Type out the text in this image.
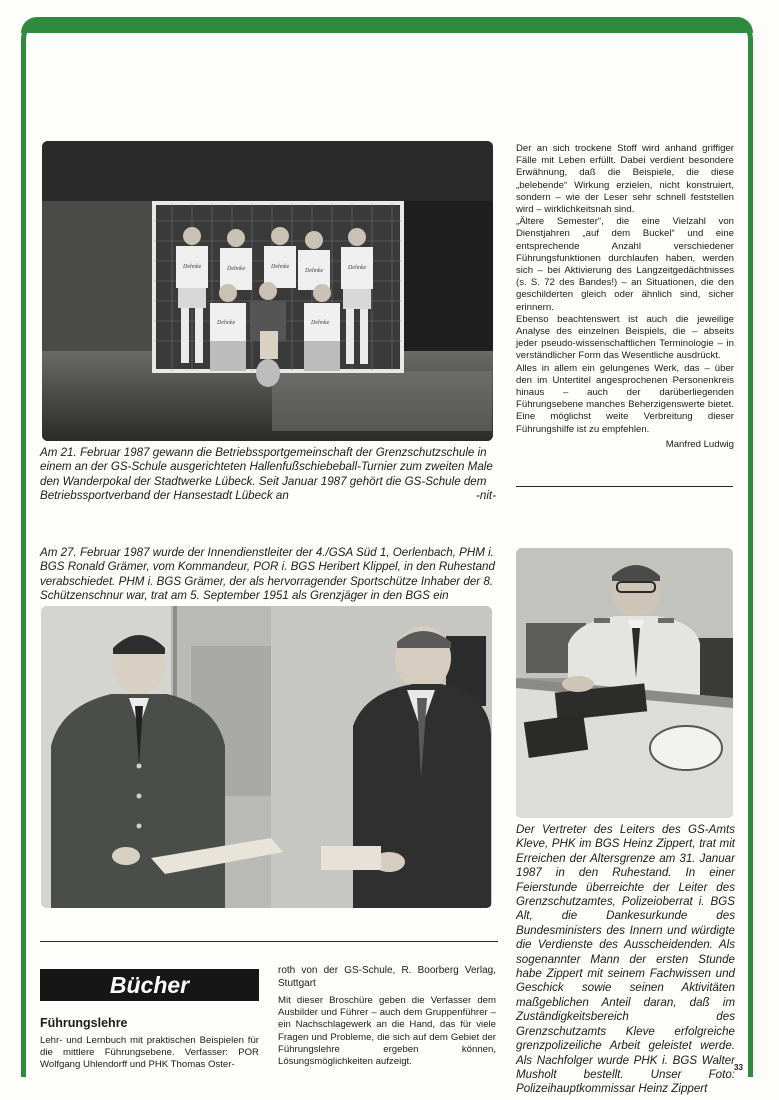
Dehnke	Dehnke	Dehnke
Dehnke	Dehnke
Dehnke	Dehnke
Am 21. Februar 1987 gewann die Betriebssportgemeinschaft der Grenzschutzschule in einem an der GS-Schule ausgerichteten Hallenfußschiebeball-Turnier zum zweiten Male den Wanderpokal der Stadtwerke Lübeck. Seit Januar 1987 gehört die GS-Schule dem Betriebssportverband der Hansestadt Lübeck an	-nit-

Der an sich trockene Stoff wird anhand griffiger Fälle mit Leben erfüllt. Dabei verdient besondere Erwähnung, daß die Beispiele, die diese „belebende“ Wirkung erzielen, nicht konstruiert, sondern – wie der Leser sehr schnell feststellen wird – wirklichkeitsnah sind.

„Ältere Semester“, die eine Vielzahl von Dienstjahren „auf dem Buckel“ und eine entsprechende Anzahl verschiedener Führungsfunktionen durchlaufen haben, werden sich – bei Aktivierung des Langzeitgedächtnisses (s. S. 72 des Bandes!) – an Situationen, die den geschilderten gleich oder ähnlich sind, sicher erinnern.

Ebenso beachtenswert ist auch die jeweilige Analyse des einzelnen Beispiels, die – abseits jeder pseudo-wissenschaftlichen Terminologie – in verständlicher Form das Wesentliche ausdrückt.

Alles in allem ein gelungenes Werk, das – über den im Untertitel angesprochenen Personenkreis hinaus – auch der darüberliegenden Führungsebene manches Beherzigenswerte bietet. Eine möglichst weite Verbreitung dieser Führungshilfe ist zu empfehlen.

Manfred Ludwig

Am 27. Februar 1987 wurde der Innendienstleiter der 4./GSA Süd 1, Oerlenbach, PHM i. BGS Ronald Grämer, vom Kommandeur, POR i. BGS Heribert Klippel, in den Ruhestand verabschiedet. PHM i. BGS Grämer, der als hervorragender Sportschütze Inhaber der 8. Schützenschnur war, trat am 5. September 1951 als Grenzjäger in den BGS ein
Der Vertreter des Leiters des GS-Amts Kleve, PHK im BGS Heinz Zippert, trat mit Erreichen der Altersgrenze am 31. Januar 1987 in den Ruhestand. In einer Feierstunde überreichte der Leiter des Grenzschutzamtes, Polizeioberrat i. BGS Alt, die Dankesurkunde des Bundesministers des Innern und würdigte die Verdienste des Ausscheidenden. Als sogenannter Mann der ersten Stunde habe Zippert mit seinem Fachwissen und Geschick sowie seinen Aktivitäten maßgeblichen Anteil daran, daß im Zuständigkeitsbereich des Grenzschutzamts Kleve erfolgreiche grenzpolizeiliche Arbeit geleistet werde. Als Nachfolger wurde PHK i. BGS Walter Musholt bestellt. Unser Foto: Polizeihauptkommissar Heinz Zippert
Bücher
Führungslehre
Lehr- und Lernbuch mit praktischen Beispielen für die mittlere Führungsebene. Verfasser: POR Wolfgang Uhlendorff und PHK Thomas Oster-

roth von der GS-Schule, R. Boorberg Verlag, Stuttgart

Mit dieser Broschüre geben die Verfasser dem Ausbilder und Führer – auch dem Gruppenführer – ein Nachschlagewerk an die Hand, das für viele Fragen und Probleme, die sich auf dem Gebiet der Führungslehre ergeben können, Lösungsmöglichkeiten aufzeigt.

33
